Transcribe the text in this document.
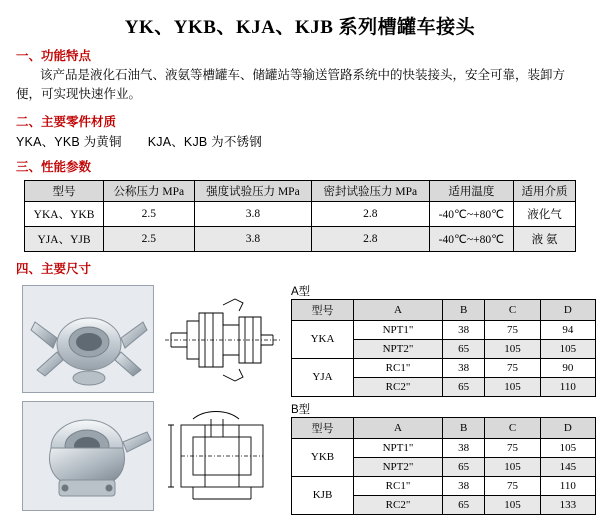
YK、YKB、KJA、KJB 系列槽罐车接头
一、功能特点
该产品是液化石油气、液氨等槽罐车、储罐站等输送管路系统中的快装接头，安全可靠，装卸方便，可实现快速作业。
二、主要零件材质
YKA、YKB 为黄铜 KJA、KJB 为不锈钢
三、性能参数
型号	公称压力 MPa	强度试验压力 MPa	密封试验压力 MPa	适用温度	适用介质
YKA、YKB	2.5	3.8	2.8	-40℃~+80℃	液化气
YJA、YJB	2.5	3.8	2.8	-40℃~+80℃	液 氨
四、主要尺寸
A型
型号	A	B	C	D
YKA	NPT1"	38	75	94
	NPT2"	65	105	105
YJA	RC1"	38	75	90
	RC2"	65	105	110
B型
型号	A	B	C	D
YKB	NPT1"	38	75	105
	NPT2"	65	105	145
KJB	RC1"	38	75	110
	RC2"	65	105	133
